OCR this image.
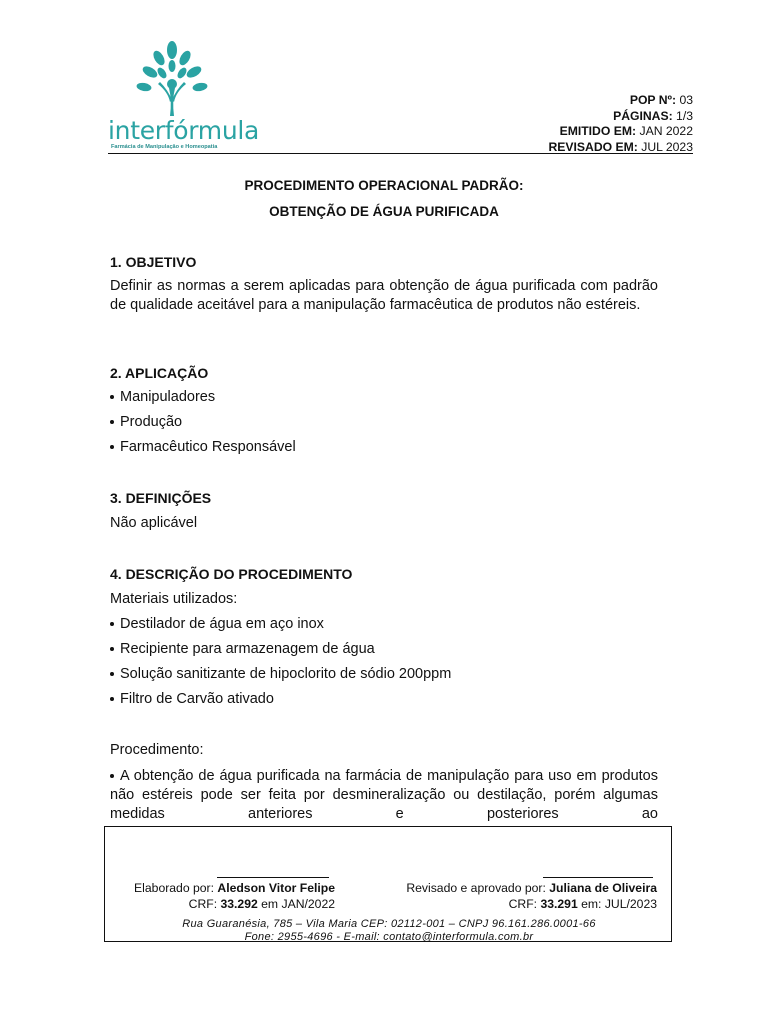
interfórmula
Farmácia de Manipulação e Homeopatia
POP Nº: 03
PÁGINAS: 1/3
EMITIDO EM: JAN 2022
REVISADO EM: JUL 2023
PROCEDIMENTO OPERACIONAL PADRÃO:
OBTENÇÃO DE ÁGUA PURIFICADA
1. OBJETIVO
Definir as normas a serem aplicadas para obtenção de água purificada com padrão de qualidade aceitável para a manipulação farmacêutica de produtos não estéreis.
2. APLICAÇÃO
Manipuladores
Produção
Farmacêutico Responsável
3. DEFINIÇÕES
Não aplicável
4. DESCRIÇÃO DO PROCEDIMENTO
Materiais utilizados:
Destilador de água em aço inox
Recipiente para armazenagem de água
Solução sanitizante de hipoclorito de sódio 200ppm
Filtro de Carvão ativado
Procedimento:
A obtenção de água purificada na farmácia de manipulação para uso em produtos não estéreis pode ser feita por desmineralização ou destilação, porém algumas medidas anteriores e posteriores ao
Elaborado por: Aledson Vitor Felipe
CRF: 33.292 em JAN/2022
Revisado e aprovado por: Juliana de Oliveira
CRF: 33.291 em: JUL/2023
Rua Guaranésia, 785 – Vila Maria CEP: 02112-001 – CNPJ 96.161.286.0001-66
Fone: 2955-4696 - E-mail: contato@interformula.com.br
